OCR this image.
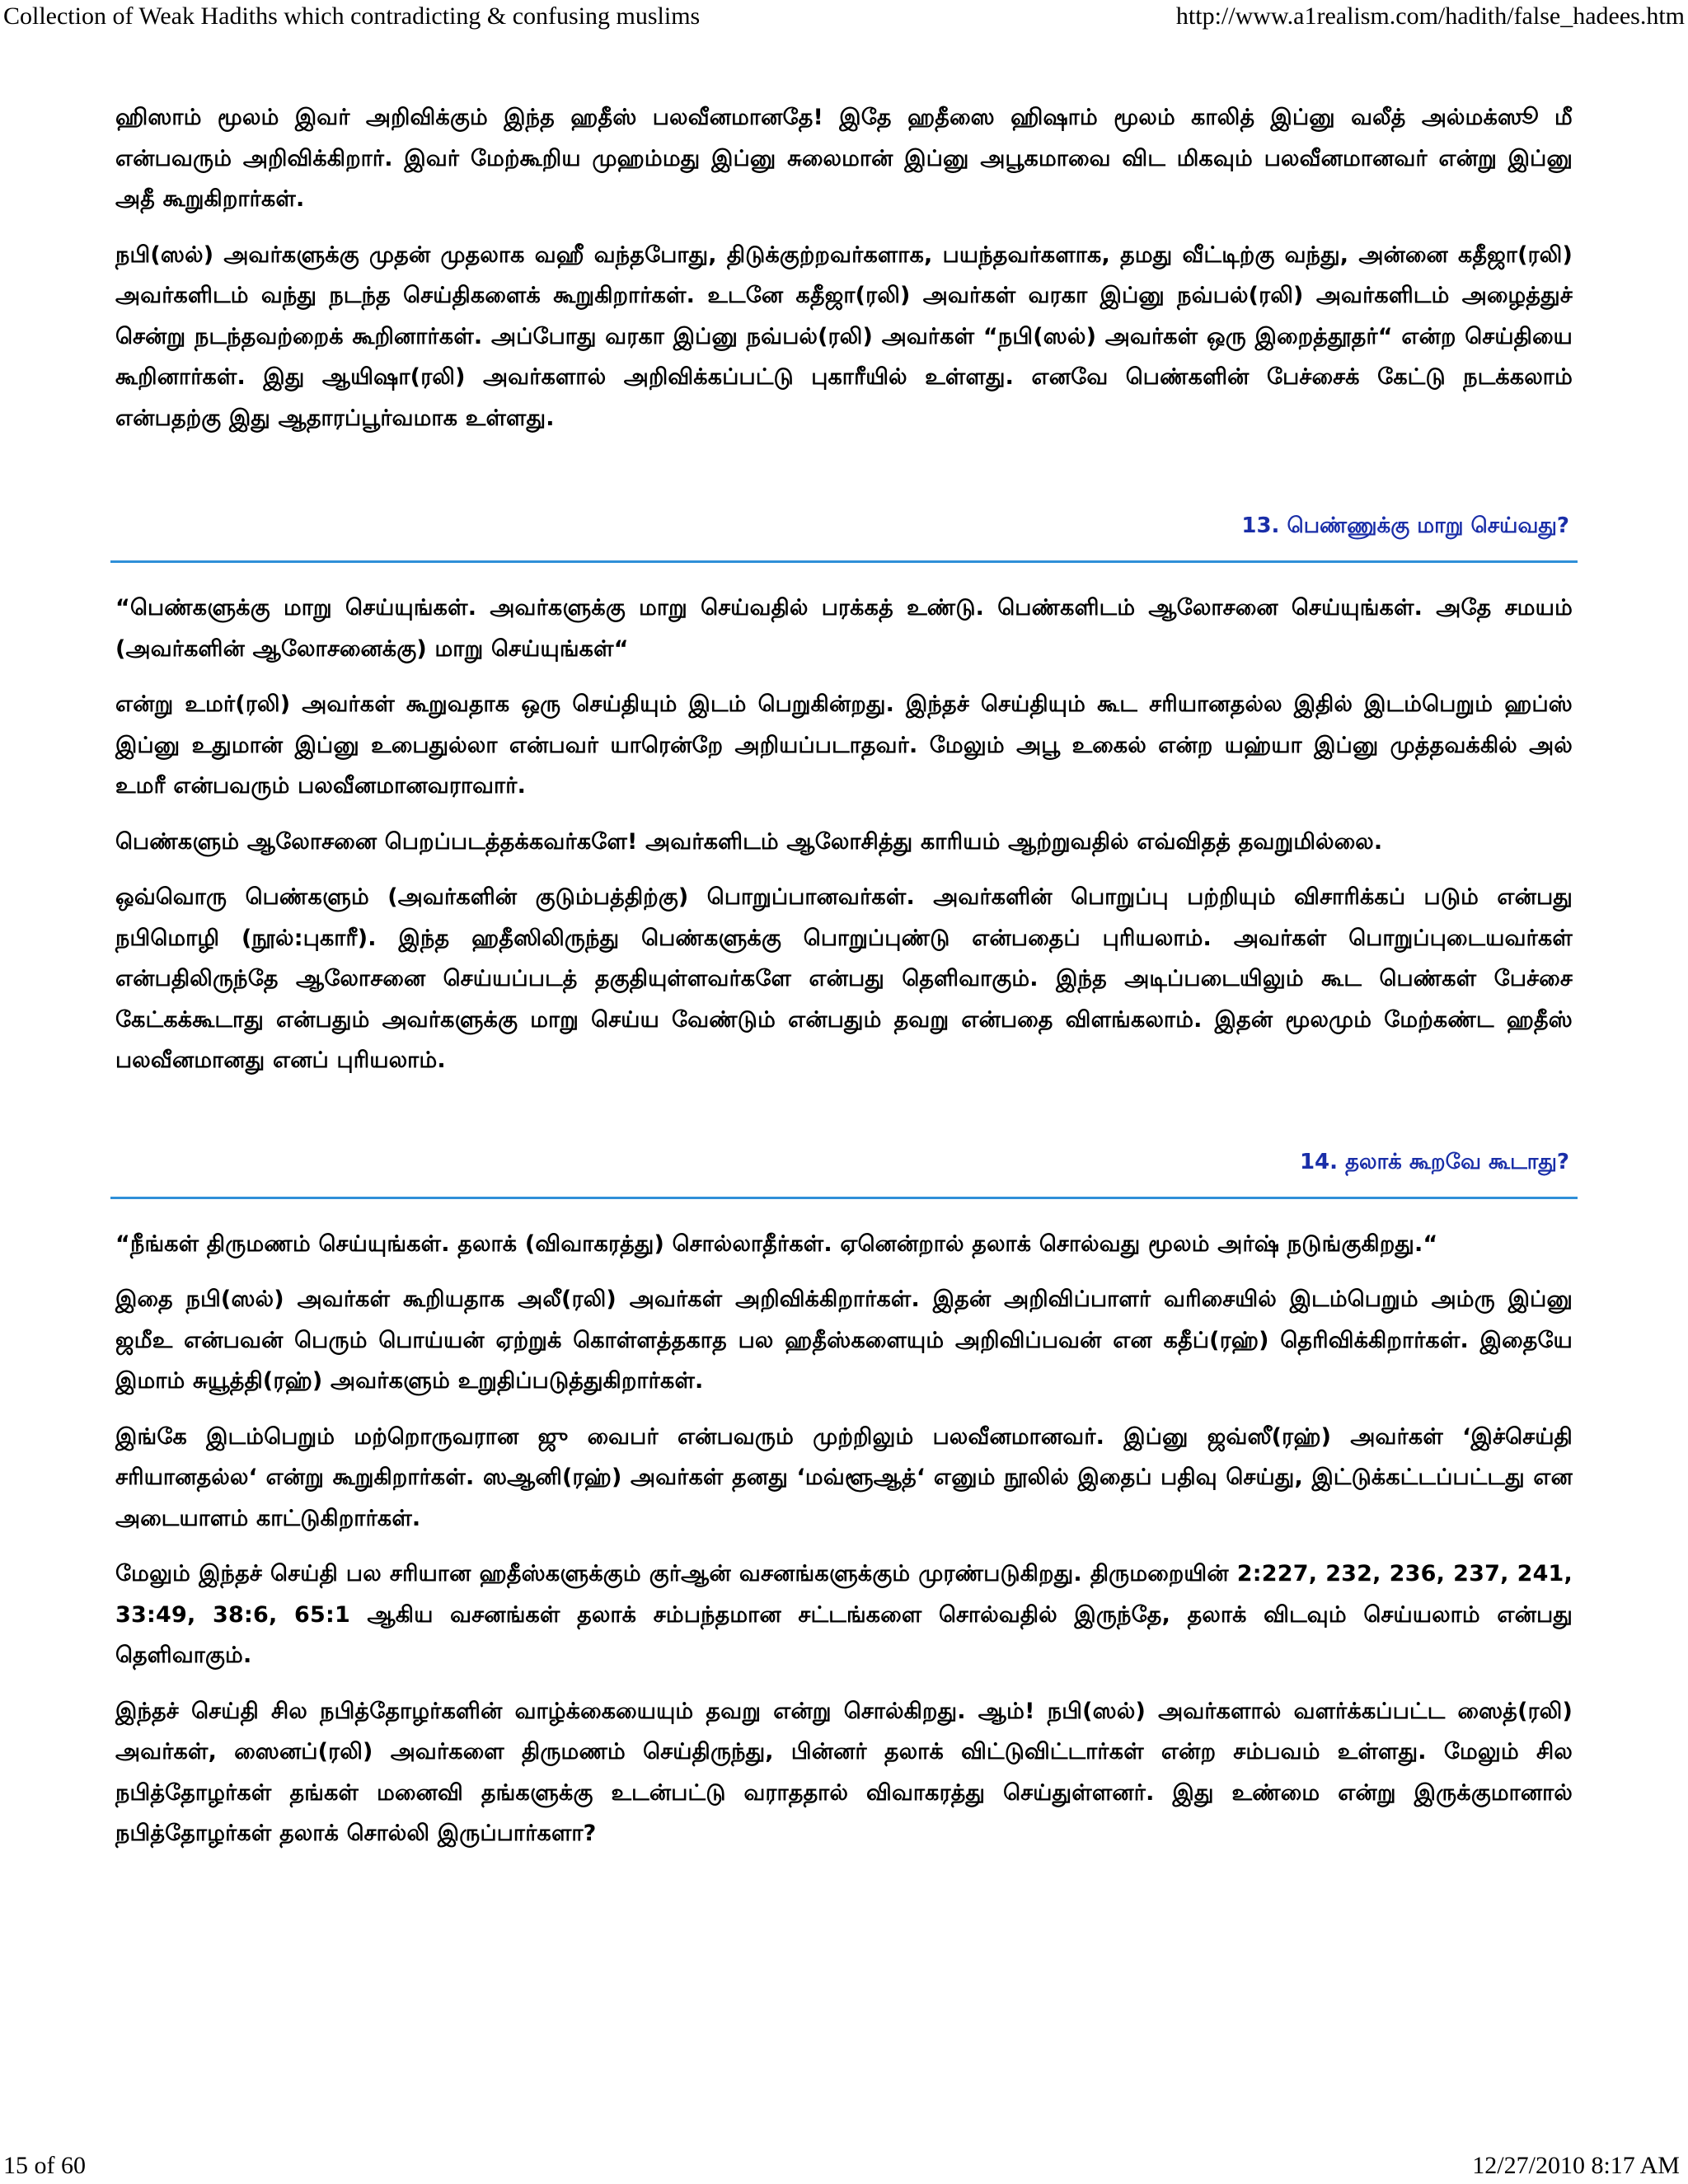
Collection of Weak Hadiths which contradicting & confusing muslims	http://www.a1realism.com/hadith/false_hadees.htm

ஹிஸாம் மூலம் இவர் அறிவிக்கும் இந்த ஹதீஸ் பலவீனமானதே! இதே ஹதீஸை ஹிஷாம் மூலம் காலித் இப்னு வலீத் அல்மக்ஸூ மீ என்பவரும் அறிவிக்கிறார். இவர் மேற்கூறிய முஹம்மது இப்னு சுலைமான் இப்னு அபூகமாவை விட மிகவும் பலவீனமானவர் என்று இப்னு அதீ கூறுகிறார்கள்.

நபி(ஸல்) அவர்களுக்கு முதன் முதலாக வஹீ வந்தபோது, திடுக்குற்றவர்களாக, பயந்தவர்களாக, தமது வீட்டிற்கு வந்து, அன்னை கதீஜா(ரலி) அவர்களிடம் வந்து நடந்த செய்திகளைக் கூறுகிறார்கள். உடனே கதீஜா(ரலி) அவர்கள் வரகா இப்னு நவ்பல்(ரலி) அவர்களிடம் அழைத்துச் சென்று நடந்தவற்றைக் கூறினார்கள். அப்போது வரகா இப்னு நவ்பல்(ரலி) அவர்கள் “நபி(ஸல்) அவர்கள் ஒரு இறைத்தூதர்“ என்ற செய்தியை கூறினார்கள். இது ஆயிஷா(ரலி) அவர்களால் அறிவிக்கப்பட்டு புகாரீயில் உள்ளது. எனவே பெண்களின் பேச்சைக் கேட்டு நடக்கலாம் என்பதற்கு இது ஆதாரப்பூர்வமாக உள்ளது.

13. பெண்ணுக்கு மாறு செய்வது?

“பெண்களுக்கு மாறு செய்யுங்கள். அவர்களுக்கு மாறு செய்வதில் பரக்கத் உண்டு. பெண்களிடம் ஆலோசனை செய்யுங்கள். அதே சமயம் (அவர்களின் ஆலோசனைக்கு) மாறு செய்யுங்கள்“

என்று உமர்(ரலி) அவர்கள் கூறுவதாக ஒரு செய்தியும் இடம் பெறுகின்றது. இந்தச் செய்தியும் கூட சரியானதல்ல இதில் இடம்பெறும் ஹப்ஸ் இப்னு உதுமான் இப்னு உபைதுல்லா என்பவர் யாரென்றே அறியப்படாதவர். மேலும் அபூ உகைல் என்ற யஹ்யா இப்னு முத்தவக்கில் அல் உமரீ என்பவரும் பலவீனமானவராவார்.

பெண்களும் ஆலோசனை பெறப்படத்தக்கவர்களே! அவர்களிடம் ஆலோசித்து காரியம் ஆற்றுவதில் எவ்விதத் தவறுமில்லை.

ஒவ்வொரு பெண்களும் (அவர்களின் குடும்பத்திற்கு) பொறுப்பானவர்கள். அவர்களின் பொறுப்பு பற்றியும் விசாரிக்கப் படும் என்பது நபிமொழி (நூல்:புகாரீ). இந்த ஹதீஸிலிருந்து பெண்களுக்கு பொறுப்புண்டு என்பதைப் புரியலாம். அவர்கள் பொறுப்புடையவர்கள் என்பதிலிருந்தே ஆலோசனை செய்யப்படத் தகுதியுள்ளவர்களே என்பது தெளிவாகும். இந்த அடிப்படையிலும் கூட பெண்கள் பேச்சை கேட்கக்கூடாது என்பதும் அவர்களுக்கு மாறு செய்ய வேண்டும் என்பதும் தவறு என்பதை விளங்கலாம். இதன் மூலமும் மேற்கண்ட ஹதீஸ் பலவீனமானது எனப் புரியலாம்.

14. தலாக் கூறவே கூடாது?

“நீங்கள் திருமணம் செய்யுங்கள். தலாக் (விவாகரத்து) சொல்லாதீர்கள். ஏனென்றால் தலாக் சொல்வது மூலம் அர்ஷ் நடுங்குகிறது.“

இதை நபி(ஸல்) அவர்கள் கூறியதாக அலீ(ரலி) அவர்கள் அறிவிக்கிறார்கள். இதன் அறிவிப்பாளர் வரிசையில் இடம்பெறும் அம்ரு இப்னு ஜமீஉ என்பவன் பெரும் பொய்யன் ஏற்றுக் கொள்ளத்தகாத பல ஹதீஸ்களையும் அறிவிப்பவன் என கதீப்(ரஹ்) தெரிவிக்கிறார்கள். இதையே இமாம் சுயூத்தி(ரஹ்) அவர்களும் உறுதிப்படுத்துகிறார்கள்.

இங்கே இடம்பெறும் மற்றொருவரான ஜு வைபர் என்பவரும் முற்றிலும் பலவீனமானவர். இப்னு ஜவ்ஸீ(ரஹ்) அவர்கள் ‘இச்செய்தி சரியானதல்ல‘ என்று கூறுகிறார்கள். ஸஆனி(ரஹ்) அவர்கள் தனது ‘மவ்ளூஆத்‘ எனும் நூலில் இதைப் பதிவு செய்து, இட்டுக்கட்டப்பட்டது என அடையாளம் காட்டுகிறார்கள்.

மேலும் இந்தச் செய்தி பல சரியான ஹதீஸ்களுக்கும் குர்ஆன் வசனங்களுக்கும் முரண்படுகிறது. திருமறையின் 2:227, 232, 236, 237, 241, 33:49, 38:6, 65:1 ஆகிய வசனங்கள் தலாக் சம்பந்தமான சட்டங்களை சொல்வதில் இருந்தே, தலாக் விடவும் செய்யலாம் என்பது தெளிவாகும்.

இந்தச் செய்தி சில நபித்தோழர்களின் வாழ்க்கையையும் தவறு என்று சொல்கிறது. ஆம்! நபி(ஸல்) அவர்களால் வளர்க்கப்பட்ட ஸைத்(ரலி) அவர்கள், ஸைனப்(ரலி) அவர்களை திருமணம் செய்திருந்து, பின்னர் தலாக் விட்டுவிட்டார்கள் என்ற சம்பவம் உள்ளது. மேலும் சில நபித்தோழர்கள் தங்கள் மனைவி தங்களுக்கு உடன்பட்டு வராததால் விவாகரத்து செய்துள்ளனர். இது உண்மை என்று இருக்குமானால் நபித்தோழர்கள் தலாக் சொல்லி இருப்பார்களா?

15 of 60	12/27/2010 8:17 AM
